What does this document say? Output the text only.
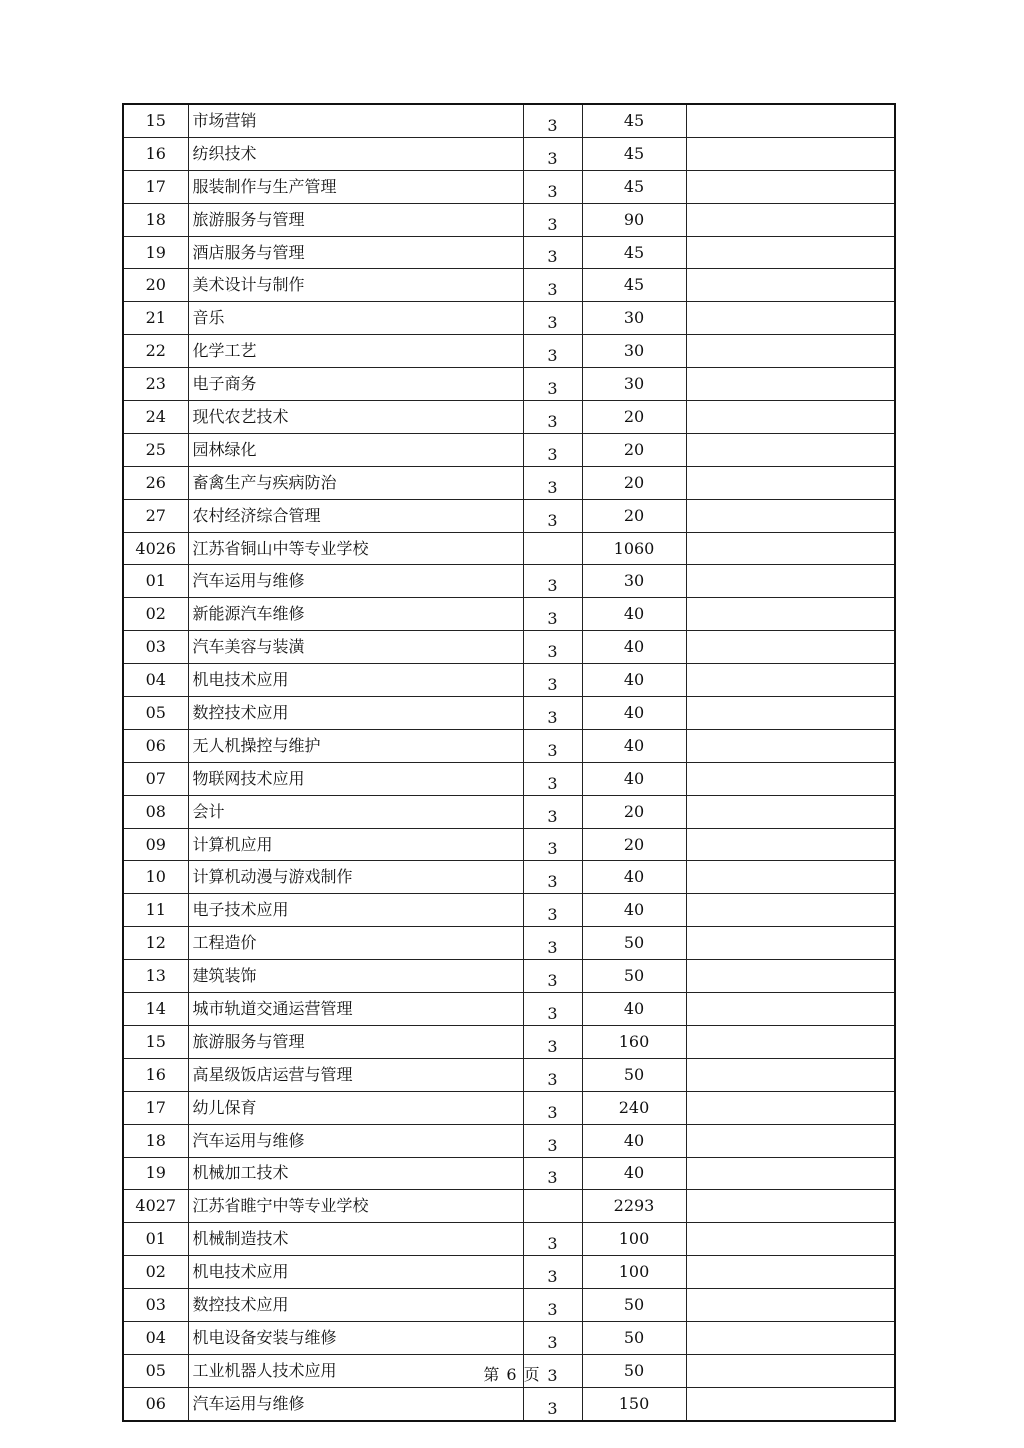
15	市场营销	3	45	
16	纺织技术	3	45	
17	服装制作与生产管理	3	45	
18	旅游服务与管理	3	90	
19	酒店服务与管理	3	45	
20	美术设计与制作	3	45	
21	音乐	3	30	
22	化学工艺	3	30	
23	电子商务	3	30	
24	现代农艺技术	3	20	
25	园林绿化	3	20	
26	畜禽生产与疾病防治	3	20	
27	农村经济综合管理	3	20	
4026	江苏省铜山中等专业学校		1060	
01	汽车运用与维修	3	30	
02	新能源汽车维修	3	40	
03	汽车美容与装潢	3	40	
04	机电技术应用	3	40	
05	数控技术应用	3	40	
06	无人机操控与维护	3	40	
07	物联网技术应用	3	40	
08	会计	3	20	
09	计算机应用	3	20	
10	计算机动漫与游戏制作	3	40	
11	电子技术应用	3	40	
12	工程造价	3	50	
13	建筑装饰	3	50	
14	城市轨道交通运营管理	3	40	
15	旅游服务与管理	3	160	
16	高星级饭店运营与管理	3	50	
17	幼儿保育	3	240	
18	汽车运用与维修	3	40	
19	机械加工技术	3	40	
4027	江苏省睢宁中等专业学校		2293	
01	机械制造技术	3	100	
02	机电技术应用	3	100	
03	数控技术应用	3	50	
04	机电设备安装与维修	3	50	
05	工业机器人技术应用	3	50	
06	汽车运用与维修	3	150	
第 6 页
